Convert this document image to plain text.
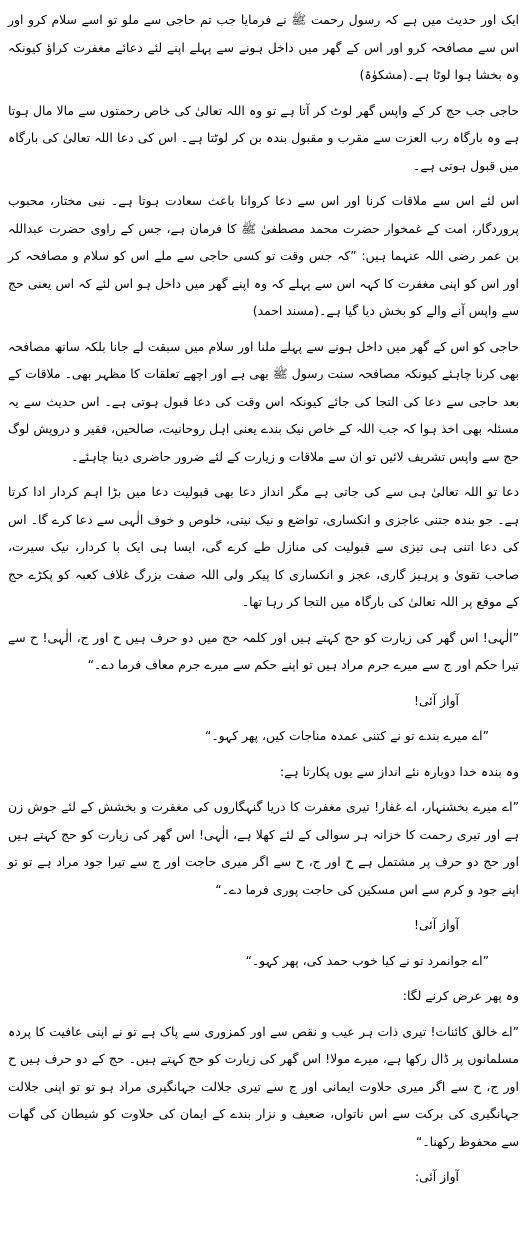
ایک اور حدیث میں ہے کہ رسول رحمت ﷺ نے فرمایا جب تم حاجی سے ملو تو اسے سلام کرو اور اس سے مصافحہ کرو اور اس کے گھر میں داخل ہونے سے پہلے اپنے لئے دعائے مغفرت کراؤ کیونکہ وہ بخشا ہوا لوٹا ہے۔(مشکوٰۃ)

حاجی جب حج کر کے واپس گھر لوٹ کر آتا ہے تو وہ اللہ تعالیٰ کی خاص رحمتوں سے مالا مال ہوتا ہے وہ بارگاہ رب العزت سے مقرب و مقبول بندہ بن کر لوٹتا ہے۔ اس کی دعا اللہ تعالیٰ کی بارگاہ میں قبول ہوتی ہے۔

اس لئے اس سے ملاقات کرنا اور اس سے دعا کروانا باعث سعادت ہوتا ہے۔ نبی مختار، محبوب پروردگار، امت کے غمخوار حضرت محمد مصطفیٰ ﷺ کا فرمان ہے، جس کے راوی حضرت عبداللہ بن عمر رضی اللہ عنہما ہیں: ”کہ جس وقت تو کسی حاجی سے ملے اس کو سلام و مصافحہ کر اور اس کو اپنی مغفرت کا کہہ اس سے پہلے کہ وہ اپنے گھر میں داخل ہو اس لئے کہ اس یعنی حج سے واپس آنے والے کو بخش دیا گیا ہے۔(مسند احمد)

حاجی کو اس کے گھر میں داخل ہونے سے پہلے ملنا اور سلام میں سبقت لے جانا بلکہ ساتھ مصافحہ بھی کرنا چاہئے کیونکہ مصافحہ سنت رسول ﷺ بھی ہے اور اچھے تعلقات کا مظہر بھی۔ ملاقات کے بعد حاجی سے دعا کی التجا کی جائے کیونکہ اس وقت کی دعا قبول ہوتی ہے۔ اس حدیث سے یہ مسئلہ بھی اخذ ہوا کہ جب اللہ کے خاص نیک بندے یعنی اہل روحانیت، صالحین، فقیر و درویش لوگ حج سے واپس تشریف لائیں تو ان سے ملاقات و زیارت کے لئے ضرور حاضری دینا چاہئے۔

دعا تو اللہ تعالیٰ ہی سے کی جاتی ہے مگر انداز دعا بھی قبولیت دعا میں بڑا اہم کردار ادا کرتا ہے۔ جو بندہ جتنی عاجزی و انکساری، تواضع و نیک نیتی، خلوص و خوف الٰہی سے دعا کرے گا۔ اس کی دعا اتنی ہی تیزی سے قبولیت کی منازل طے کرے گی، ایسا ہی ایک با کردار، نیک سیرت، صاحب تقویٰ و پرہیز گاری، عجز و انکساری کا پیکر ولی اللہ صفت بزرگ غلاف کعبہ کو پکڑے حج کے موقع پر اللہ تعالیٰ کی بارگاہ میں التجا کر رہا تھا۔

”الٰہی! اس گھر کی زیارت کو حج کہتے ہیں اور کلمہ حج میں دو حرف ہیں ح اور ج، الٰہی! ح سے تیرا حکم اور ج سے میرے جرم مراد ہیں تو اپنے حکم سے میرے جرم معاف فرما دے۔“

آواز آئی!

”اے میرے بندے تو نے کتنی عمدہ مناجات کیں، پھر کہو۔“

وہ بندہ خدا دوبارہ نئے انداز سے یوں پکارتا ہے:

”اے میرے بخشنہار، اے غفار! تیری مغفرت کا دریا گنہگاروں کی مغفرت و بخشش کے لئے جوش زن ہے اور تیری رحمت کا خزانہ ہر سوالی کے لئے کھلا ہے، الٰہی! اس گھر کی زیارت کو حج کہتے ہیں اور حج دو حرف پر مشتمل ہے ح اور ج، ح سے اگر میری حاجت اور ج سے تیرا جود مراد ہے تو تو اپنے جود و کرم سے اس مسکین کی حاجت پوری فرما دے۔“

آواز آئی!

”اے جوانمرد تو نے کیا خوب حمد کی، پھر کہو۔“

وہ پھر عرض کرنے لگا:

”اے خالق کائنات! تیری ذات ہر عیب و نقص سے اور کمزوری سے پاک ہے تو نے اپنی عافیت کا پردہ مسلمانوں پر ڈال رکھا ہے، میرے مولا! اس گھر کی زیارت کو حج کہتے ہیں۔ حج کے دو حرف ہیں ح اور ج، ح سے اگر میری حلاوت ایمانی اور ج سے تیری جلالت جہانگیری مراد ہو تو تو اپنی جلالت جہانگیری کی برکت سے اس ناتواں، ضعیف و نزار بندے کے ایمان کی حلاوت کو شیطان کی گھات سے محفوظ رکھنا۔“

آواز آئی:
